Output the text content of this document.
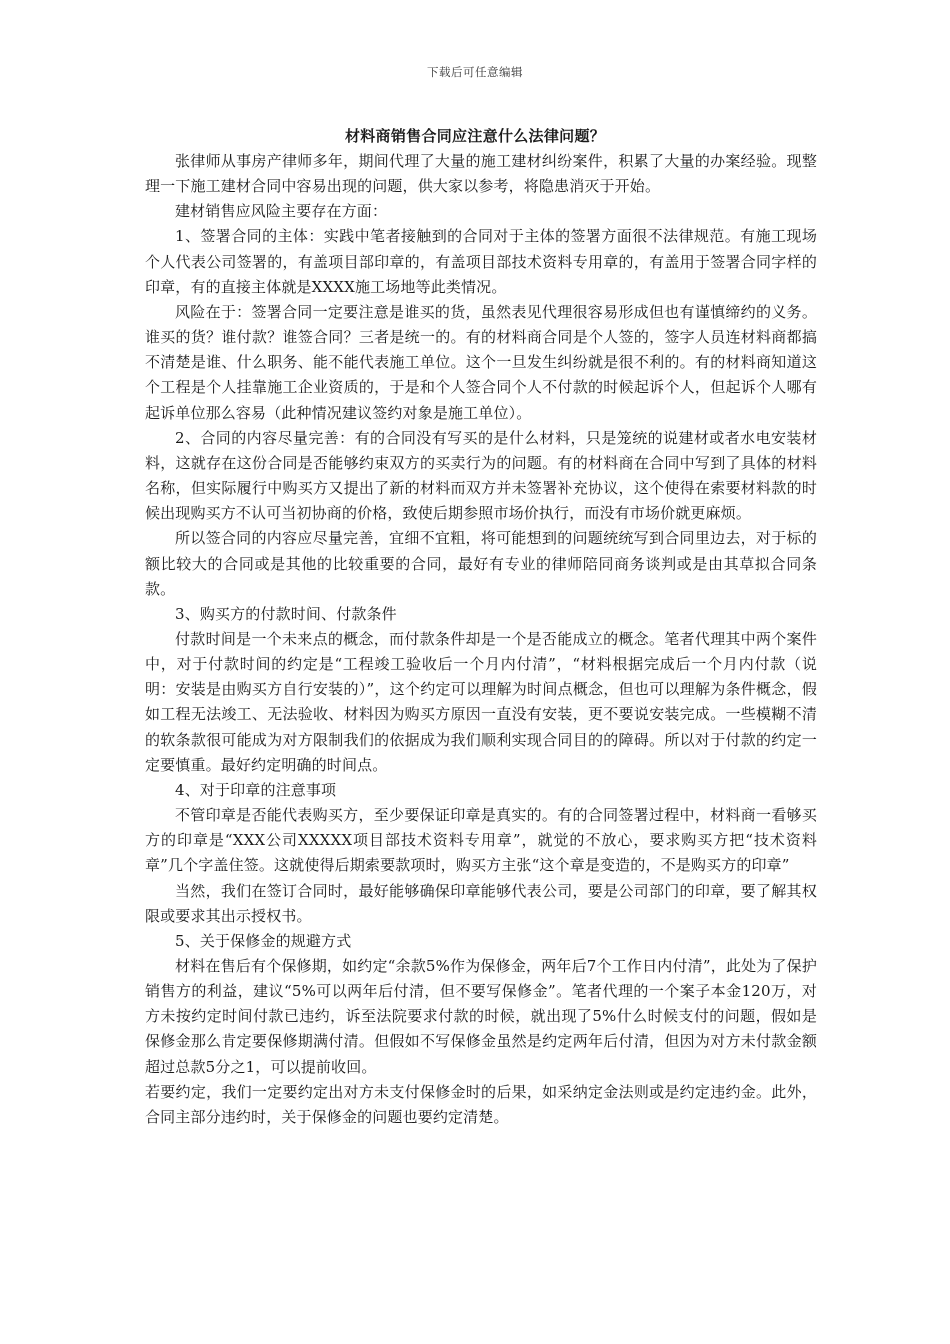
下载后可任意编辑
材料商销售合同应注意什么法律问题？

张律师从事房产律师多年，期间代理了大量的施工建材纠纷案件，积累了大量的办案经验。现整理一下施工建材合同中容易出现的问题，供大家以参考，将隐患消灭于开始。

建材销售应风险主要存在方面：

1、签署合同的主体：实践中笔者接触到的合同对于主体的签署方面很不法律规范。有施工现场个人代表公司签署的，有盖项目部印章的，有盖项目部技术资料专用章的，有盖用于签署合同字样的印章，有的直接主体就是XXXX施工场地等此类情况。

风险在于：签署合同一定要注意是谁买的货，虽然表见代理很容易形成但也有谨慎缔约的义务。谁买的货？谁付款？谁签合同？三者是统一的。有的材料商合同是个人签的，签字人员连材料商都搞不清楚是谁、什么职务、能不能代表施工单位。这个一旦发生纠纷就是很不利的。有的材料商知道这个工程是个人挂靠施工企业资质的，于是和个人签合同个人不付款的时候起诉个人，但起诉个人哪有起诉单位那么容易（此种情况建议签约对象是施工单位）。

2、合同的内容尽量完善：有的合同没有写买的是什么材料，只是笼统的说建材或者水电安装材料，这就存在这份合同是否能够约束双方的买卖行为的问题。有的材料商在合同中写到了具体的材料名称，但实际履行中购买方又提出了新的材料而双方并未签署补充协议，这个使得在索要材料款的时候出现购买方不认可当初协商的价格，致使后期参照市场价执行，而没有市场价就更麻烦。

所以签合同的内容应尽量完善，宜细不宜粗，将可能想到的问题统统写到合同里边去，对于标的额比较大的合同或是其他的比较重要的合同，最好有专业的律师陪同商务谈判或是由其草拟合同条款。

3、购买方的付款时间、付款条件

付款时间是一个未来点的概念，而付款条件却是一个是否能成立的概念。笔者代理其中两个案件中，对于付款时间的约定是“工程竣工验收后一个月内付清”，“材料根据完成后一个月内付款（说明：安装是由购买方自行安装的）”，这个约定可以理解为时间点概念，但也可以理解为条件概念，假如工程无法竣工、无法验收、材料因为购买方原因一直没有安装，更不要说安装完成。一些模糊不清的软条款很可能成为对方限制我们的依据成为我们顺利实现合同目的的障碍。所以对于付款的约定一定要慎重。最好约定明确的时间点。

4、对于印章的注意事项

不管印章是否能代表购买方，至少要保证印章是真实的。有的合同签署过程中，材料商一看够买方的印章是“XXX公司XXXXX项目部技术资料专用章”，就觉的不放心，要求购买方把“技术资料章”几个字盖住签。这就使得后期索要款项时，购买方主张“这个章是变造的，不是购买方的印章”

当然，我们在签订合同时，最好能够确保印章能够代表公司，要是公司部门的印章，要了解其权限或要求其出示授权书。

5、关于保修金的规避方式

材料在售后有个保修期，如约定“余款5%作为保修金，两年后7个工作日内付清”，此处为了保护销售方的利益，建议“5%可以两年后付清，但不要写保修金”。笔者代理的一个案子本金120万，对方未按约定时间付款已违约，诉至法院要求付款的时候，就出现了5%什么时候支付的问题，假如是保修金那么肯定要保修期满付清。但假如不写保修金虽然是约定两年后付清，但因为对方未付款金额超过总款5分之1，可以提前收回。

若要约定，我们一定要约定出对方未支付保修金时的后果，如采纳定金法则或是约定违约金。此外，合同主部分违约时，关于保修金的问题也要约定清楚。
